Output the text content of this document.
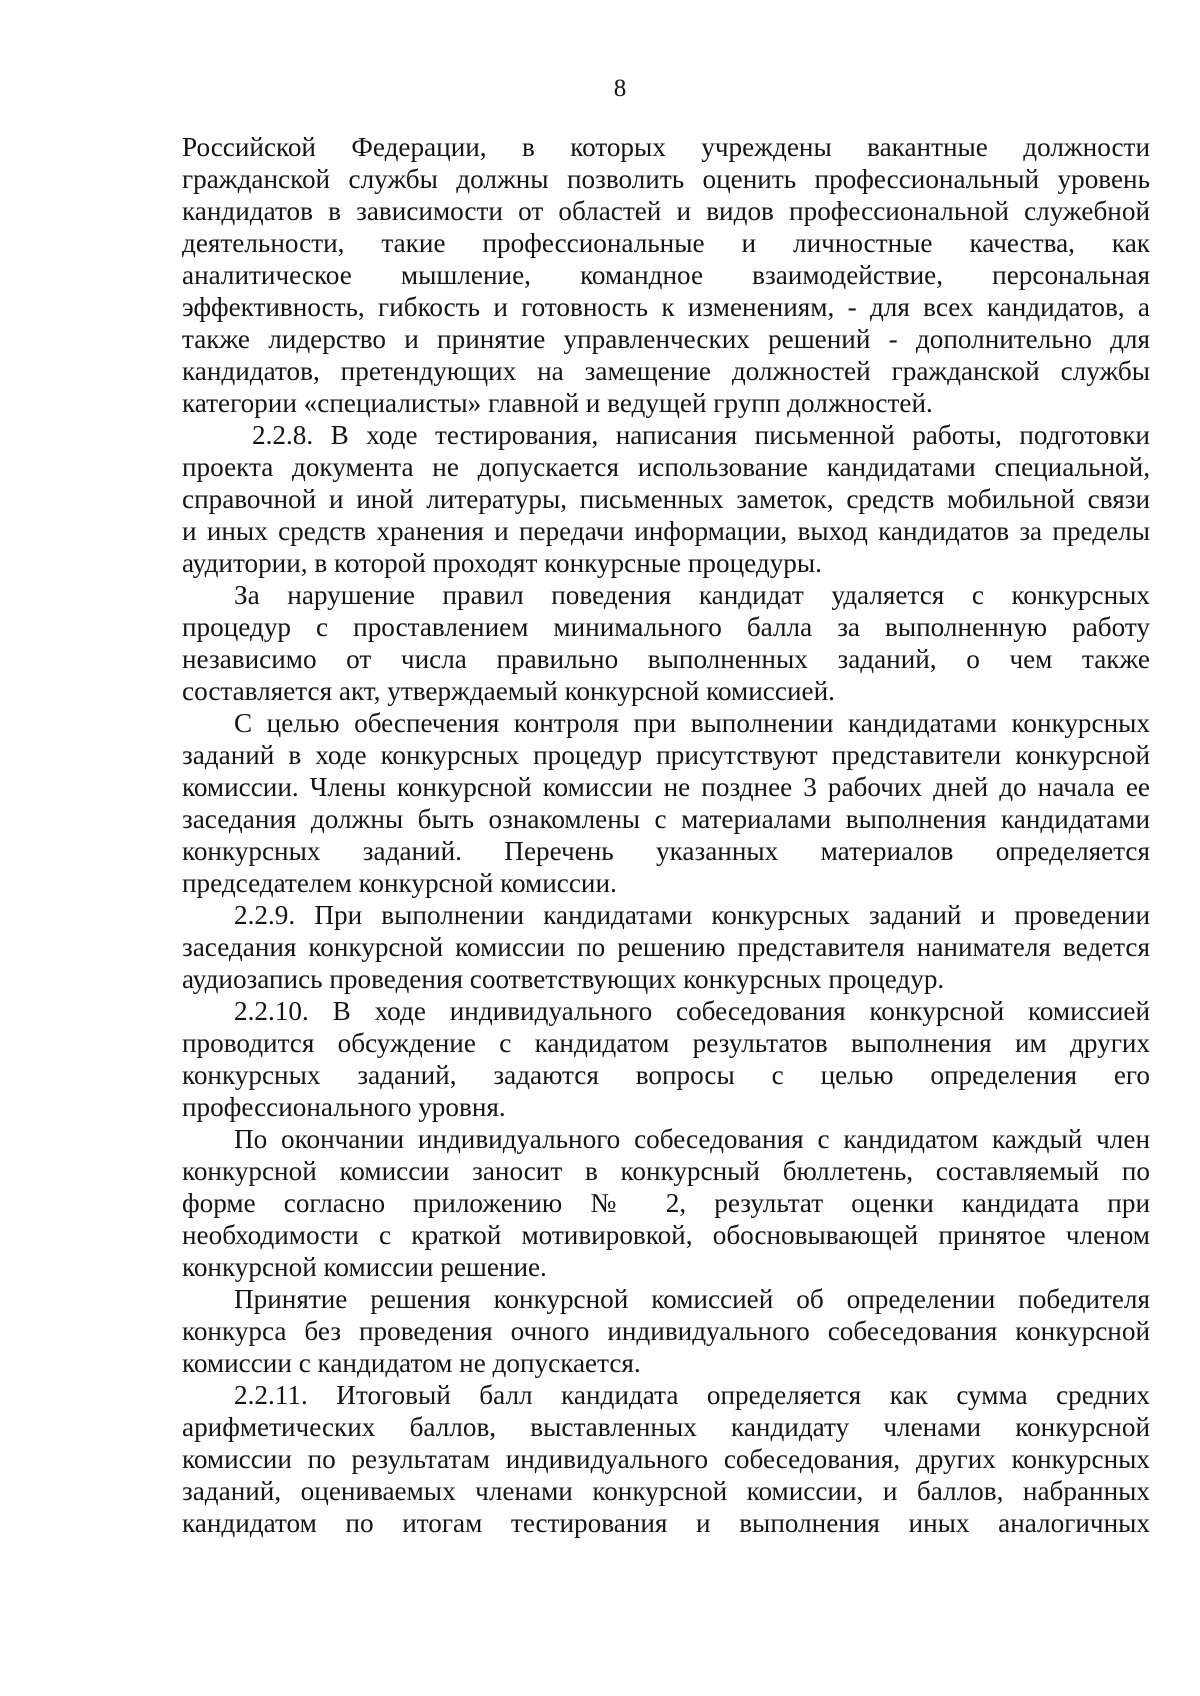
8
Российской Федерации, в которых учреждены вакантные должности
гражданской службы должны позволить оценить профессиональный уровень
кандидатов в зависимости от областей и видов профессиональной служебной
деятельности, такие профессиональные и личностные качества, как
аналитическое мышление, командное взаимодействие, персональная
эффективность, гибкость и готовность к изменениям, - для всех кандидатов, а
также лидерство и принятие управленческих решений - дополнительно для
кандидатов, претендующих на замещение должностей гражданской службы
категории «специалисты» главной и ведущей групп должностей.
2.2.8. В ходе тестирования, написания письменной работы, подготовки
проекта документа не допускается использование кандидатами специальной,
справочной и иной литературы, письменных заметок, средств мобильной связи
и иных средств хранения и передачи информации, выход кандидатов за пределы
аудитории, в которой проходят конкурсные процедуры.
За нарушение правил поведения кандидат удаляется с конкурсных
процедур с проставлением минимального балла за выполненную работу
независимо от числа правильно выполненных заданий, о чем также
составляется акт, утверждаемый конкурсной комиссией.
С целью обеспечения контроля при выполнении кандидатами конкурсных
заданий в ходе конкурсных процедур присутствуют представители конкурсной
комиссии. Члены конкурсной комиссии не позднее 3 рабочих дней до начала ее
заседания должны быть ознакомлены с материалами выполнения кандидатами
конкурсных заданий. Перечень указанных материалов определяется
председателем конкурсной комиссии.
2.2.9. При выполнении кандидатами конкурсных заданий и проведении
заседания конкурсной комиссии по решению представителя нанимателя ведется
аудиозапись проведения соответствующих конкурсных процедур.
2.2.10. В ходе индивидуального собеседования конкурсной комиссией
проводится обсуждение с кандидатом результатов выполнения им других
конкурсных заданий, задаются вопросы с целью определения его
профессионального уровня.
По окончании индивидуального собеседования с кандидатом каждый член
конкурсной комиссии заносит в конкурсный бюллетень, составляемый по
форме согласно приложению № 2, результат оценки кандидата при
необходимости с краткой мотивировкой, обосновывающей принятое членом
конкурсной комиссии решение.
Принятие решения конкурсной комиссией об определении победителя
конкурса без проведения очного индивидуального собеседования конкурсной
комиссии с кандидатом не допускается.
2.2.11. Итоговый балл кандидата определяется как сумма средних
арифметических баллов, выставленных кандидату членами конкурсной
комиссии по результатам индивидуального собеседования, других конкурсных
заданий, оцениваемых членами конкурсной комиссии, и баллов, набранных
кандидатом по итогам тестирования и выполнения иных аналогичных
